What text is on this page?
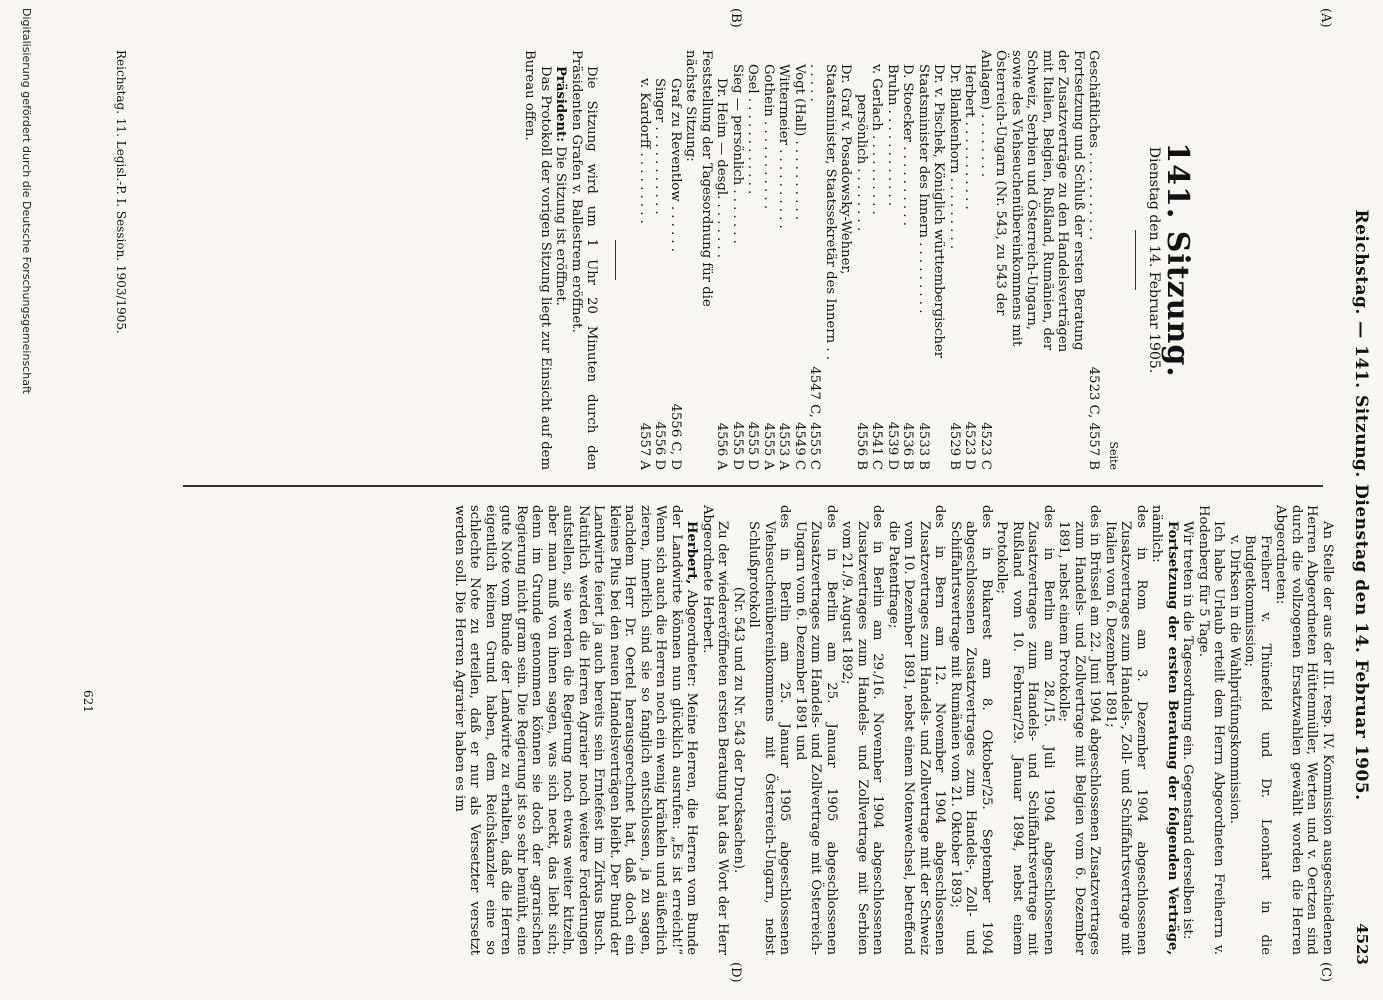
Reichstag. — 141. Sitzung. Dienstag den 14. Februar 1905.
4523
(A)
(B)
(C)
(D)
141. Sitzung.
Dienstag den 14. Februar 1905.
Seite
Geschäftliches . . . . . . . . . . .	4523 C, 4557 B
Fortsetzung und Schluß der ersten Beratung der Zusatzverträge zu den Handelsverträgen mit Italien, Belgien, Rußland, Rumänien, der Schweiz, Serbien und Österreich-Ungarn, sowie des Viehseuchenübereinkommens mit Österreich-Ungarn (Nr. 543, zu 543 der Anlagen) . . . . . . . .	4523 C
Herbert . . . . . . . . . . .	4523 D
Dr. Blankenhorn . . . . . . . . .	4529 B
Dr. v. Pischek, Königlich württembergischer Staatsminister des Innern . . . . . . . . .	4533 B
D. Stoecker . . . . . . . . . .	4536 B
Bruhn . . . . . . . . . . . .	4539 D
v. Gerlach . . . . . . . . . .	4541 C
persönlich . . . . . . . .	4556 B
Dr. Graf v. Posadowsky-Wehner, Staatsminister, Staatssekretär des Innern . . . . . . .	4547 C, 4555 C
Vogt (Hall) . . . . . . . . . .	4549 C
Wittermeier . . . . . . . . . .	4553 A
Gothein . . . . . . . . . . .	4555 A
Osel . . . . . . . . . . . .	4555 D
Sieg — persönlich . . . . . . .	4555 D
Dr. Heim — desgl. . . . . . . .	4556 A
Feststellung der Tagesordnung für die nächste Sitzung:	
Graf zu Reventlow . . . . . .	4556 C, D
Singer . . . . . . . . . . .	4556 D
v. Kardorff . . . . . . . . .	4557 A

Die Sitzung wird um 1 Uhr 20 Minuten durch den Präsidenten Grafen v. Ballestrem eröffnet.

Präsident: Die Sitzung ist eröffnet.

Das Protokoll der vorigen Sitzung liegt zur Einsicht auf dem Bureau offen.

An Stelle der aus der III. resp. IV. Kommission ausgeschiedenen Herren Abgeordneten Hüttenmüller, Werten und v. Oertzen sind durch die vollzogenen Ersatzwahlen gewählt worden die Herren Abgeordneten:

Freiherr v. Thünefeld und Dr. Leonhart in die Budgetkommission;

v. Dirksen in die Wahlprüfungskommission.

Ich habe Urlaub erteilt dem Herrn Abgeordneten Freiherrn v. Hodenberg für 5 Tage.

Wir treten in die Tagesordnung ein. Gegenstand derselben ist:

Fortsetzung der ersten Beratung der folgenden Verträge, nämlich:

des in Rom am 3. Dezember 1904 abgeschlossenen Zusatzvertrages zum Handels-, Zoll- und Schiffahrtsvertrage mit Italien vom 6. Dezember 1891;

des in Brüssel am 22. Juni 1904 abgeschlossenen Zusatzvertrages zum Handels- und Zollvertrage mit Belgien vom 6. Dezember 1891, nebst einem Protokolle;

des in Berlin am 28./15. Juli 1904 abgeschlossenen Zusatzvertrages zum Handels- und Schiffahrtsvertrage mit Rußland vom 10. Februar/29. Januar 1894, nebst einem Protokolle;

des in Bukarest am 8. Oktober/25. September 1904 abgeschlossenen Zusatzvertrages zum Handels-, Zoll- und Schiffahrtsvertrage mit Rumänien vom 21. Oktober 1893;

des in Bern am 12. November 1904 abgeschlossenen Zusatzvertrages zum Handels- und Zollvertrage mit der Schweiz vom 10. Dezember 1891, nebst einem Notenwechsel, betreffend die Patentfrage;

des in Berlin am 29./16. November 1904 abgeschlossenen Zusatzvertrages zum Handels- und Zollvertrage mit Serbien vom 21./9. August 1892;

des in Berlin am 25. Januar 1905 abgeschlossenen Zusatzvertrages zum Handels- und Zollvertrage mit Österreich-Ungarn vom 6. Dezember 1891 und

des in Berlin am 25. Januar 1905 abgeschlossenen Viehseuchenübereinkommens mit Österreich-Ungarn, nebst Schlußprotokoll

(Nr. 543 und zu Nr. 543 der Drucksachen).

Zu der wiedereröffneten ersten Beratung hat das Wort der Herr Abgeordnete Herbert.

Herbert, Abgeordneter: Meine Herren, die Herren vom Bunde der Landwirte können nun glücklich ausrufen: „Es ist erreicht!“ Wenn sich auch die Herren noch ein wenig kränkeln und äußerlich zieren, innerlich sind sie so fanglich entschlossen, ja zu sagen, nachdem Herr Dr. Oertel herausgerechnet hat, daß doch ein kleines Plus bei den neuen Handelsverträgen bleibt. Der Bund der Landwirte feiert ja auch bereits sein Erntefest im Zirkus Busch. Natürlich werden die Herren Agrarier noch weitere Forderungen aufstellen, sie werden die Regierung noch etwas weiter kitzeln, aber man muß von ihnen sagen, was sich neckt, das liebt sich; denn im Grunde genommen können sie doch der agrarischen Regierung nicht gram sein. Die Regierung ist so sehr bemüht, eine gute Note vom Bunde der Landwirte zu erhalten, daß die Herren eigentlich keinen Grund haben, dem Reichskanzler eine so schlechte Note zu erteilen, daß er nur als Versetzter versetzt werden soll. Die Herren Agrarier haben es im

Reichstag. 11. Legisl.-P. I. Session. 1903/1905.
621
Digitalisierung gefördert durch die Deutsche Forschungsgemeinschaft
